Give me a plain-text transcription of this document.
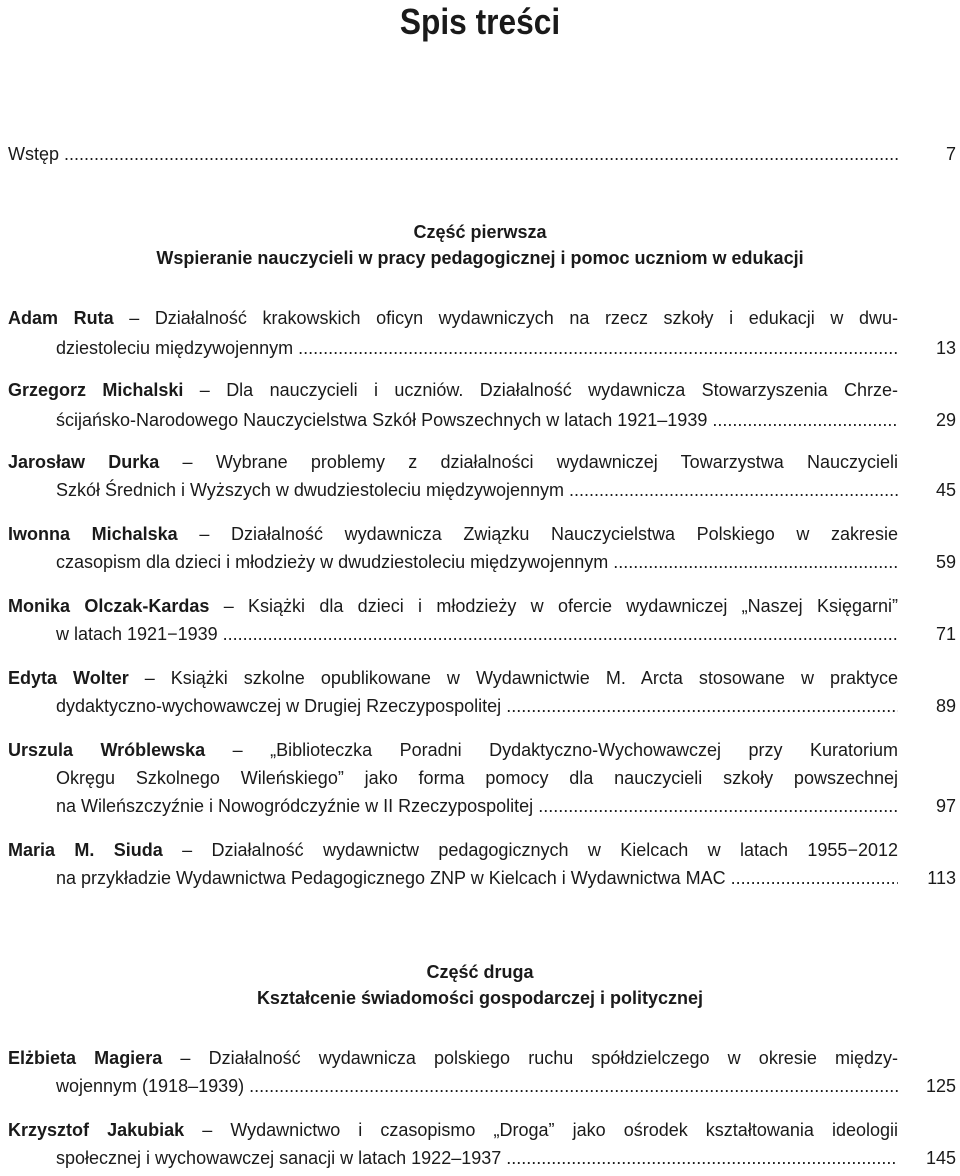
Spis treści
Wstęp .....	7
Część pierwsza
Wspieranie nauczycieli w pracy pedagogicznej i pomoc uczniom w edukacji
Adam Ruta – Działalność krakowskich oficyn wydawniczych na rzecz szkoły i edukacji w dwu-
dziestoleciu międzywojennym .....	13
Grzegorz Michalski – Dla nauczycieli i uczniów. Działalność wydawnicza Stowarzyszenia Chrze-
ścijańsko-Narodowego Nauczycielstwa Szkół Powszechnych w latach 1921–1939 .....	29
Jarosław Durka – Wybrane problemy z działalności wydawniczej Towarzystwa Nauczycieli
Szkół Średnich i Wyższych w dwudziestoleciu międzywojennym .....	45
Iwonna Michalska – Działalność wydawnicza Związku Nauczycielstwa Polskiego w zakresie
czasopism dla dzieci i młodzieży w dwudziestoleciu międzywojennym .....	59
Monika Olczak-Kardas – Książki dla dzieci i młodzieży w ofercie wydawniczej „Naszej Księgarni”
w latach 1921−1939 .....	71
Edyta Wolter – Książki szkolne opublikowane w Wydawnictwie M. Arcta stosowane w praktyce
dydaktyczno-wychowawczej w Drugiej Rzeczypospolitej .....	89
Urszula Wróblewska – „Biblioteczka Poradni Dydaktyczno-Wychowawczej przy Kuratorium
Okręgu Szkolnego Wileńskiego” jako forma pomocy dla nauczycieli szkoły powszechnej
na Wileńszczyźnie i Nowogródczyźnie w II Rzeczypospolitej .....	97
Maria M. Siuda – Działalność wydawnictw pedagogicznych w Kielcach w latach 1955−2012
na przykładzie Wydawnictwa Pedagogicznego ZNP w Kielcach i Wydawnictwa MAC .....	113
Część druga
Kształcenie świadomości gospodarczej i politycznej
Elżbieta Magiera – Działalność wydawnicza polskiego ruchu spółdzielczego w okresie między-
wojennym (1918–1939) .....	125
Krzysztof Jakubiak – Wydawnictwo i czasopismo „Droga” jako ośrodek kształtowania ideologii
społecznej i wychowawczej sanacji w latach 1922–1937 .....	145
